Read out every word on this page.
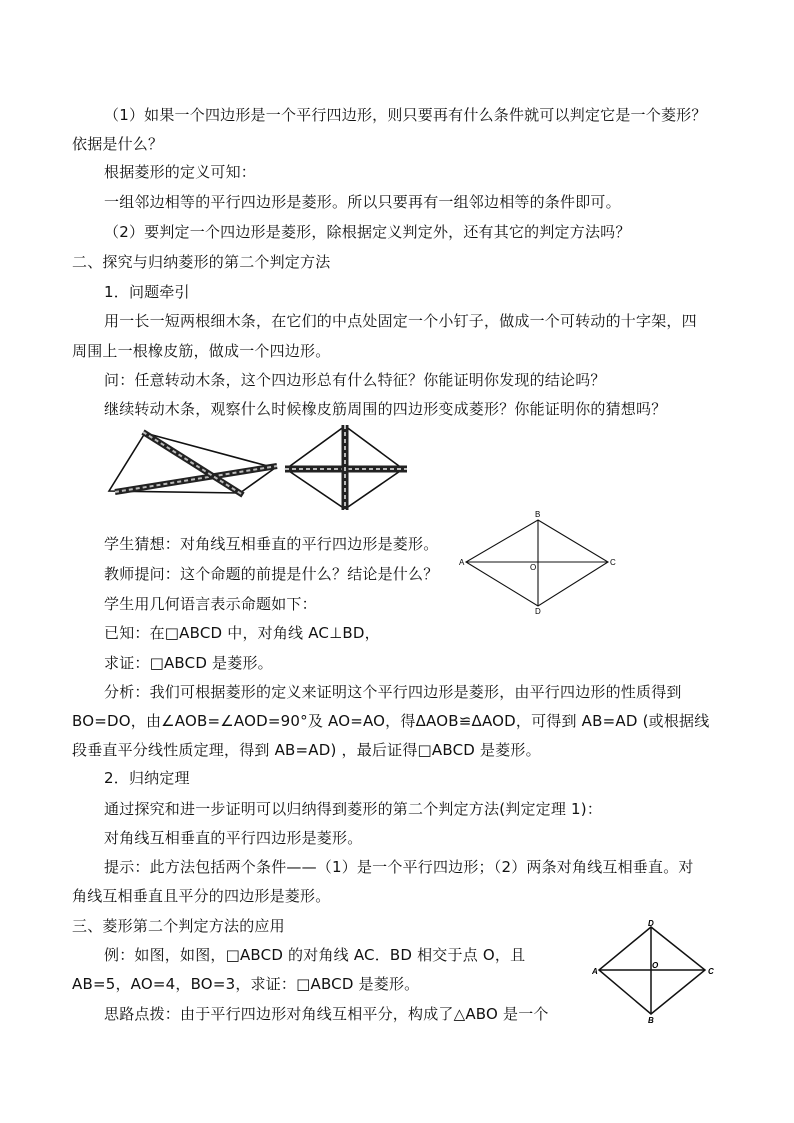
（1）如果一个四边形是一个平行四边形，则只要再有什么条件就可以判定它是一个菱形？
依据是什么？
根据菱形的定义可知：
一组邻边相等的平行四边形是菱形。所以只要再有一组邻边相等的条件即可。
（2）要判定一个四边形是菱形，除根据定义判定外，还有其它的判定方法吗？
二、探究与归纳菱形的第二个判定方法
1．问题牵引
用一长一短两根细木条，在它们的中点处固定一个小钉子，做成一个可转动的十字架，四
周围上一根橡皮筋，做成一个四边形。
问：任意转动木条，这个四边形总有什么特征？你能证明你发现的结论吗？
继续转动木条，观察什么时候橡皮筋周围的四边形变成菱形？你能证明你的猜想吗？
B
C
D
A
O
学生猜想：对角线互相垂直的平行四边形是菱形。
教师提问：这个命题的前提是什么？结论是什么？
学生用几何语言表示命题如下：
已知：在□ABCD 中，对角线 AC⊥BD，
求证：□ABCD 是菱形。
分析：我们可根据菱形的定义来证明这个平行四边形是菱形，由平行四边形的性质得到
BO=DO，由∠AOB=∠AOD=90°及 AO=AO，得ΔAOB≌ΔAOD，可得到 AB=AD (或根据线
段垂直平分线性质定理，得到 AB=AD) ，最后证得□ABCD 是菱形。
2．归纳定理
通过探究和进一步证明可以归纳得到菱形的第二个判定方法(判定定理 1)：
对角线互相垂直的平行四边形是菱形。
提示：此方法包括两个条件——（1）是一个平行四边形；（2）两条对角线互相垂直。对
角线互相垂直且平分的四边形是菱形。
三、菱形第二个判定方法的应用
例：如图，如图，□ABCD 的对角线 AC．BD 相交于点 O，且
AB=5，AO=4，BO=3，求证：□ABCD 是菱形。
思路点拨：由于平行四边形对角线互相平分，构成了△ABO 是一个
D
C
B
A
O
